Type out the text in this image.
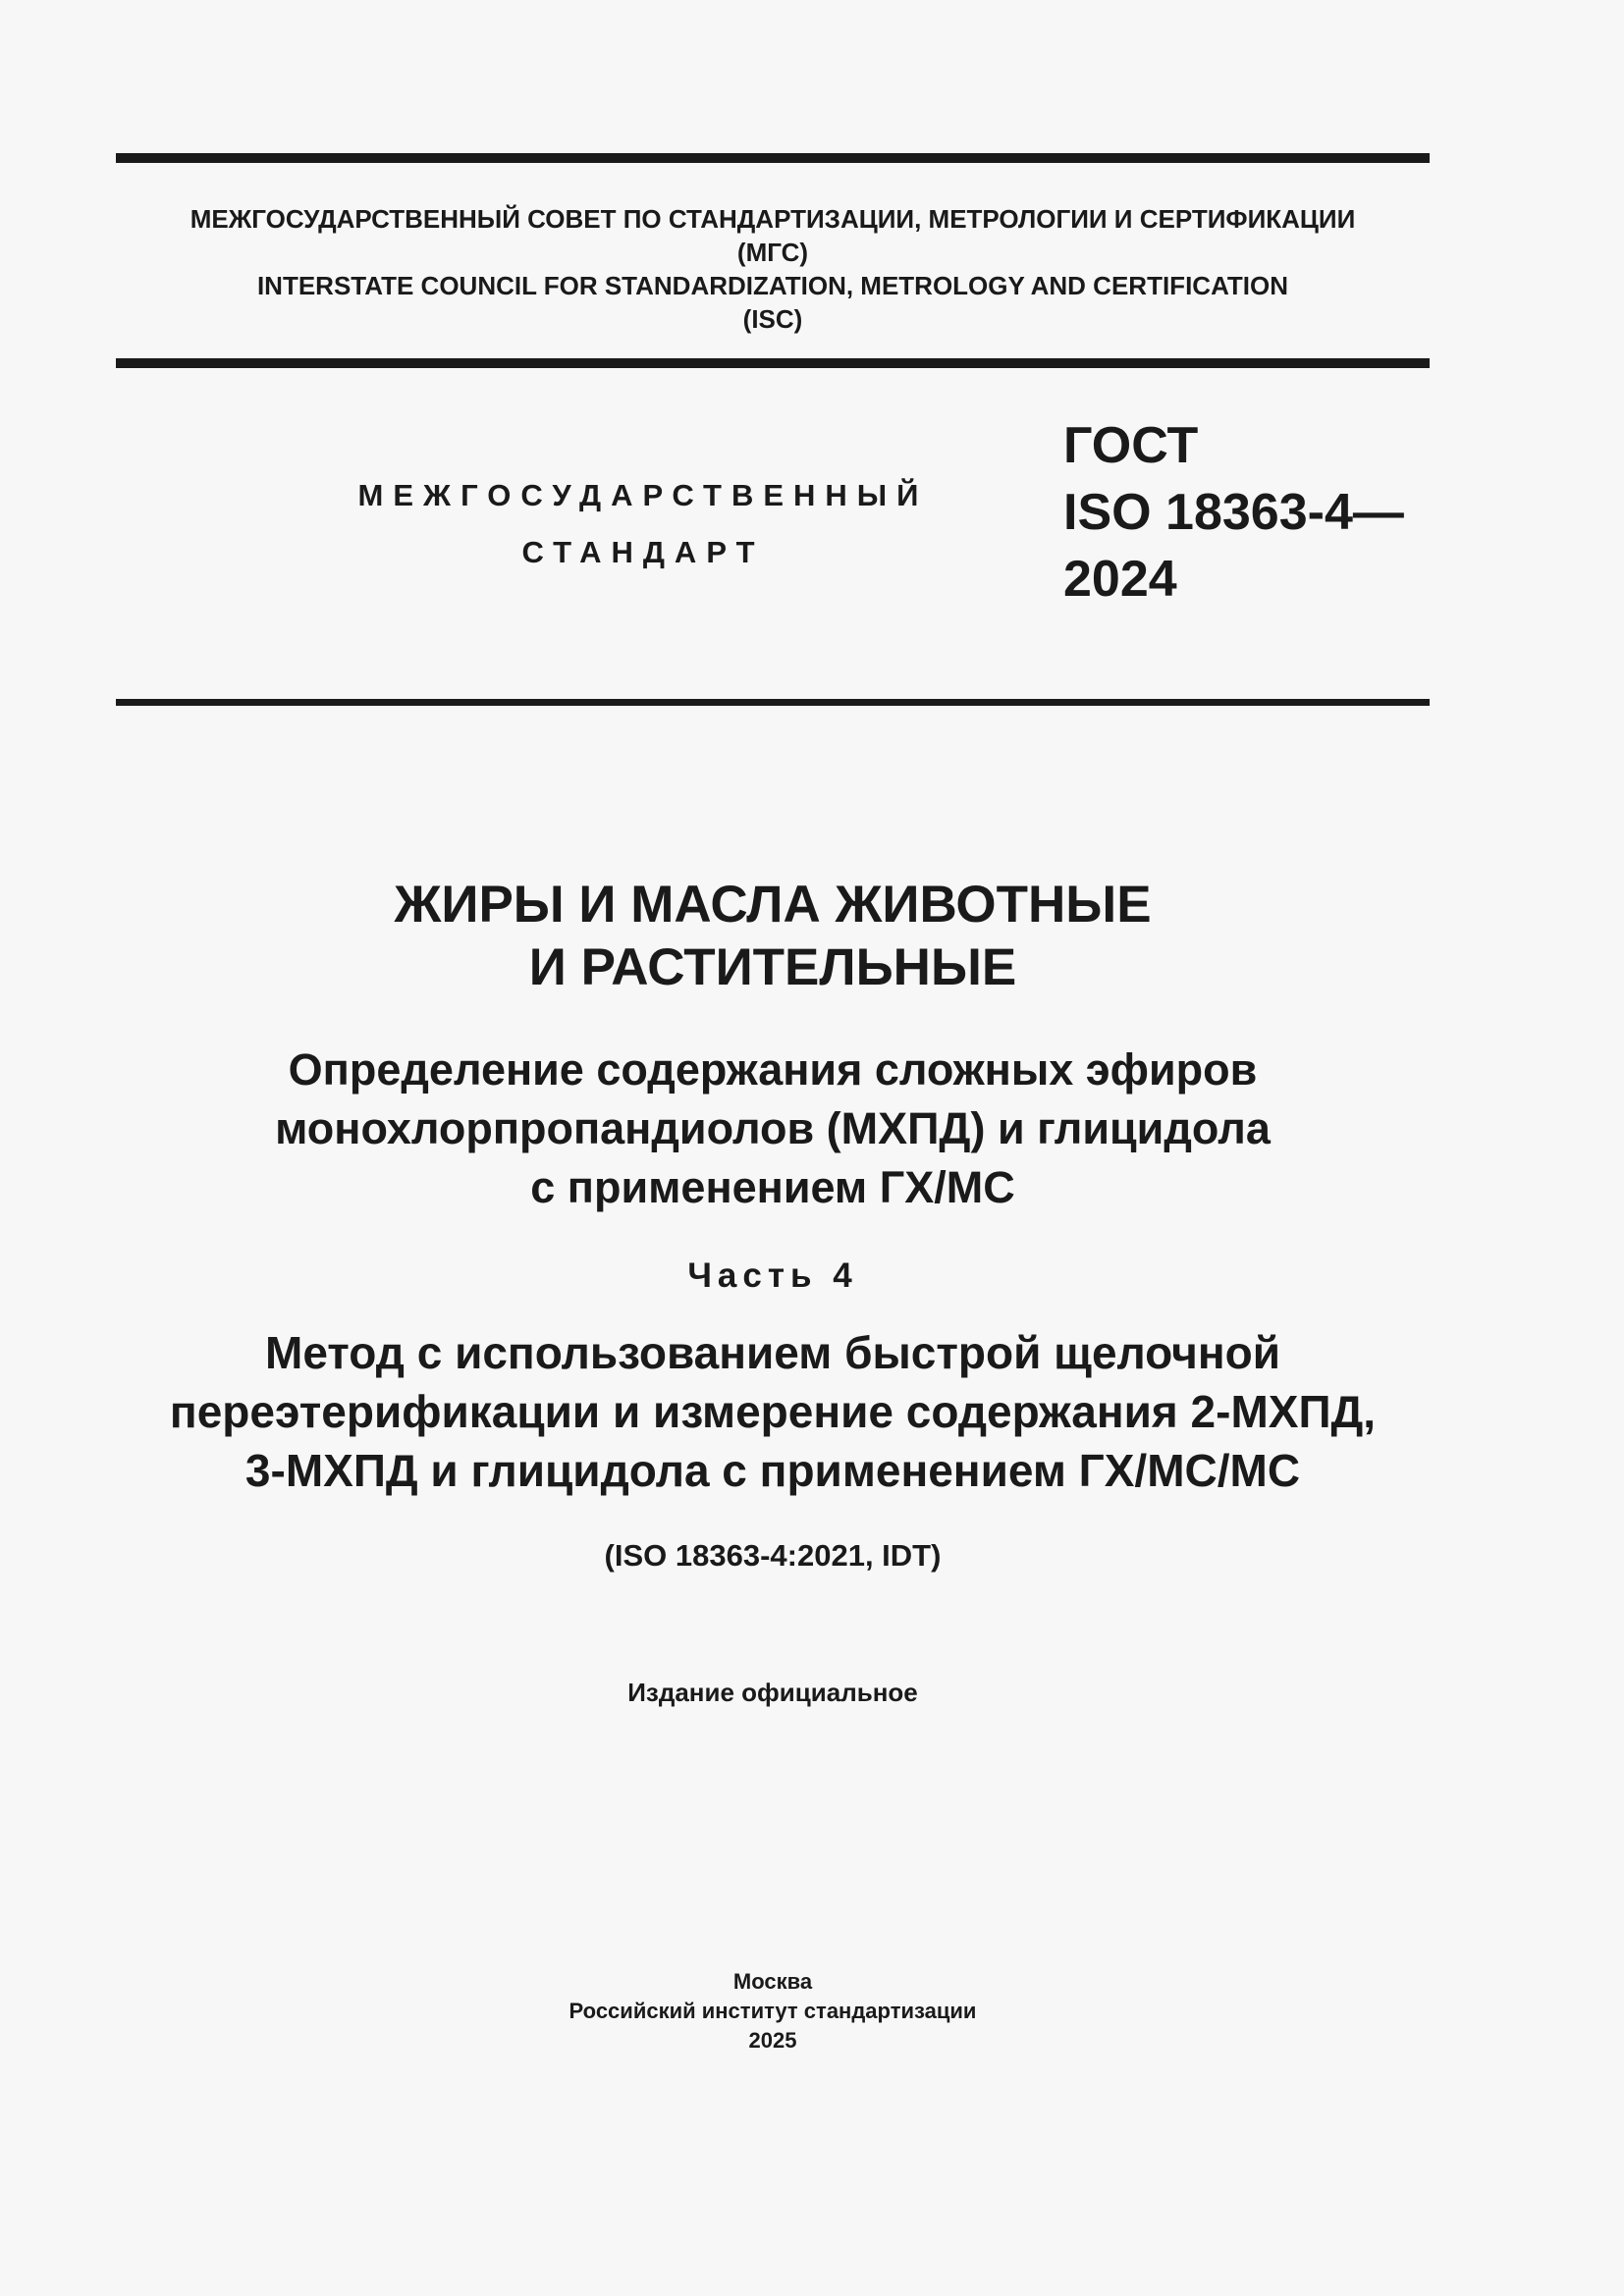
МЕЖГОСУДАРСТВЕННЫЙ СОВЕТ ПО СТАНДАРТИЗАЦИИ, МЕТРОЛОГИИ И СЕРТИФИКАЦИИ
(МГС)
INTERSTATE COUNCIL FOR STANDARDIZATION, METROLOGY AND CERTIFICATION
(ISC)
МЕЖГОСУДАРСТВЕННЫЙ
СТАНДАРТ
ГОСТ
ISO 18363-4—
2024
ЖИРЫ И МАСЛА ЖИВОТНЫЕ
И РАСТИТЕЛЬНЫЕ
Определение содержания сложных эфиров
монохлорпропандиолов (МХПД) и глицидола
с применением ГХ/МС
Часть 4
Метод с использованием быстрой щелочной
переэтерификации и измерение содержания 2-МХПД,
3-МХПД и глицидола с применением ГХ/МС/МС
(ISO 18363-4:2021, IDT)
Издание официальное
Москва
Российский институт стандартизации
2025
